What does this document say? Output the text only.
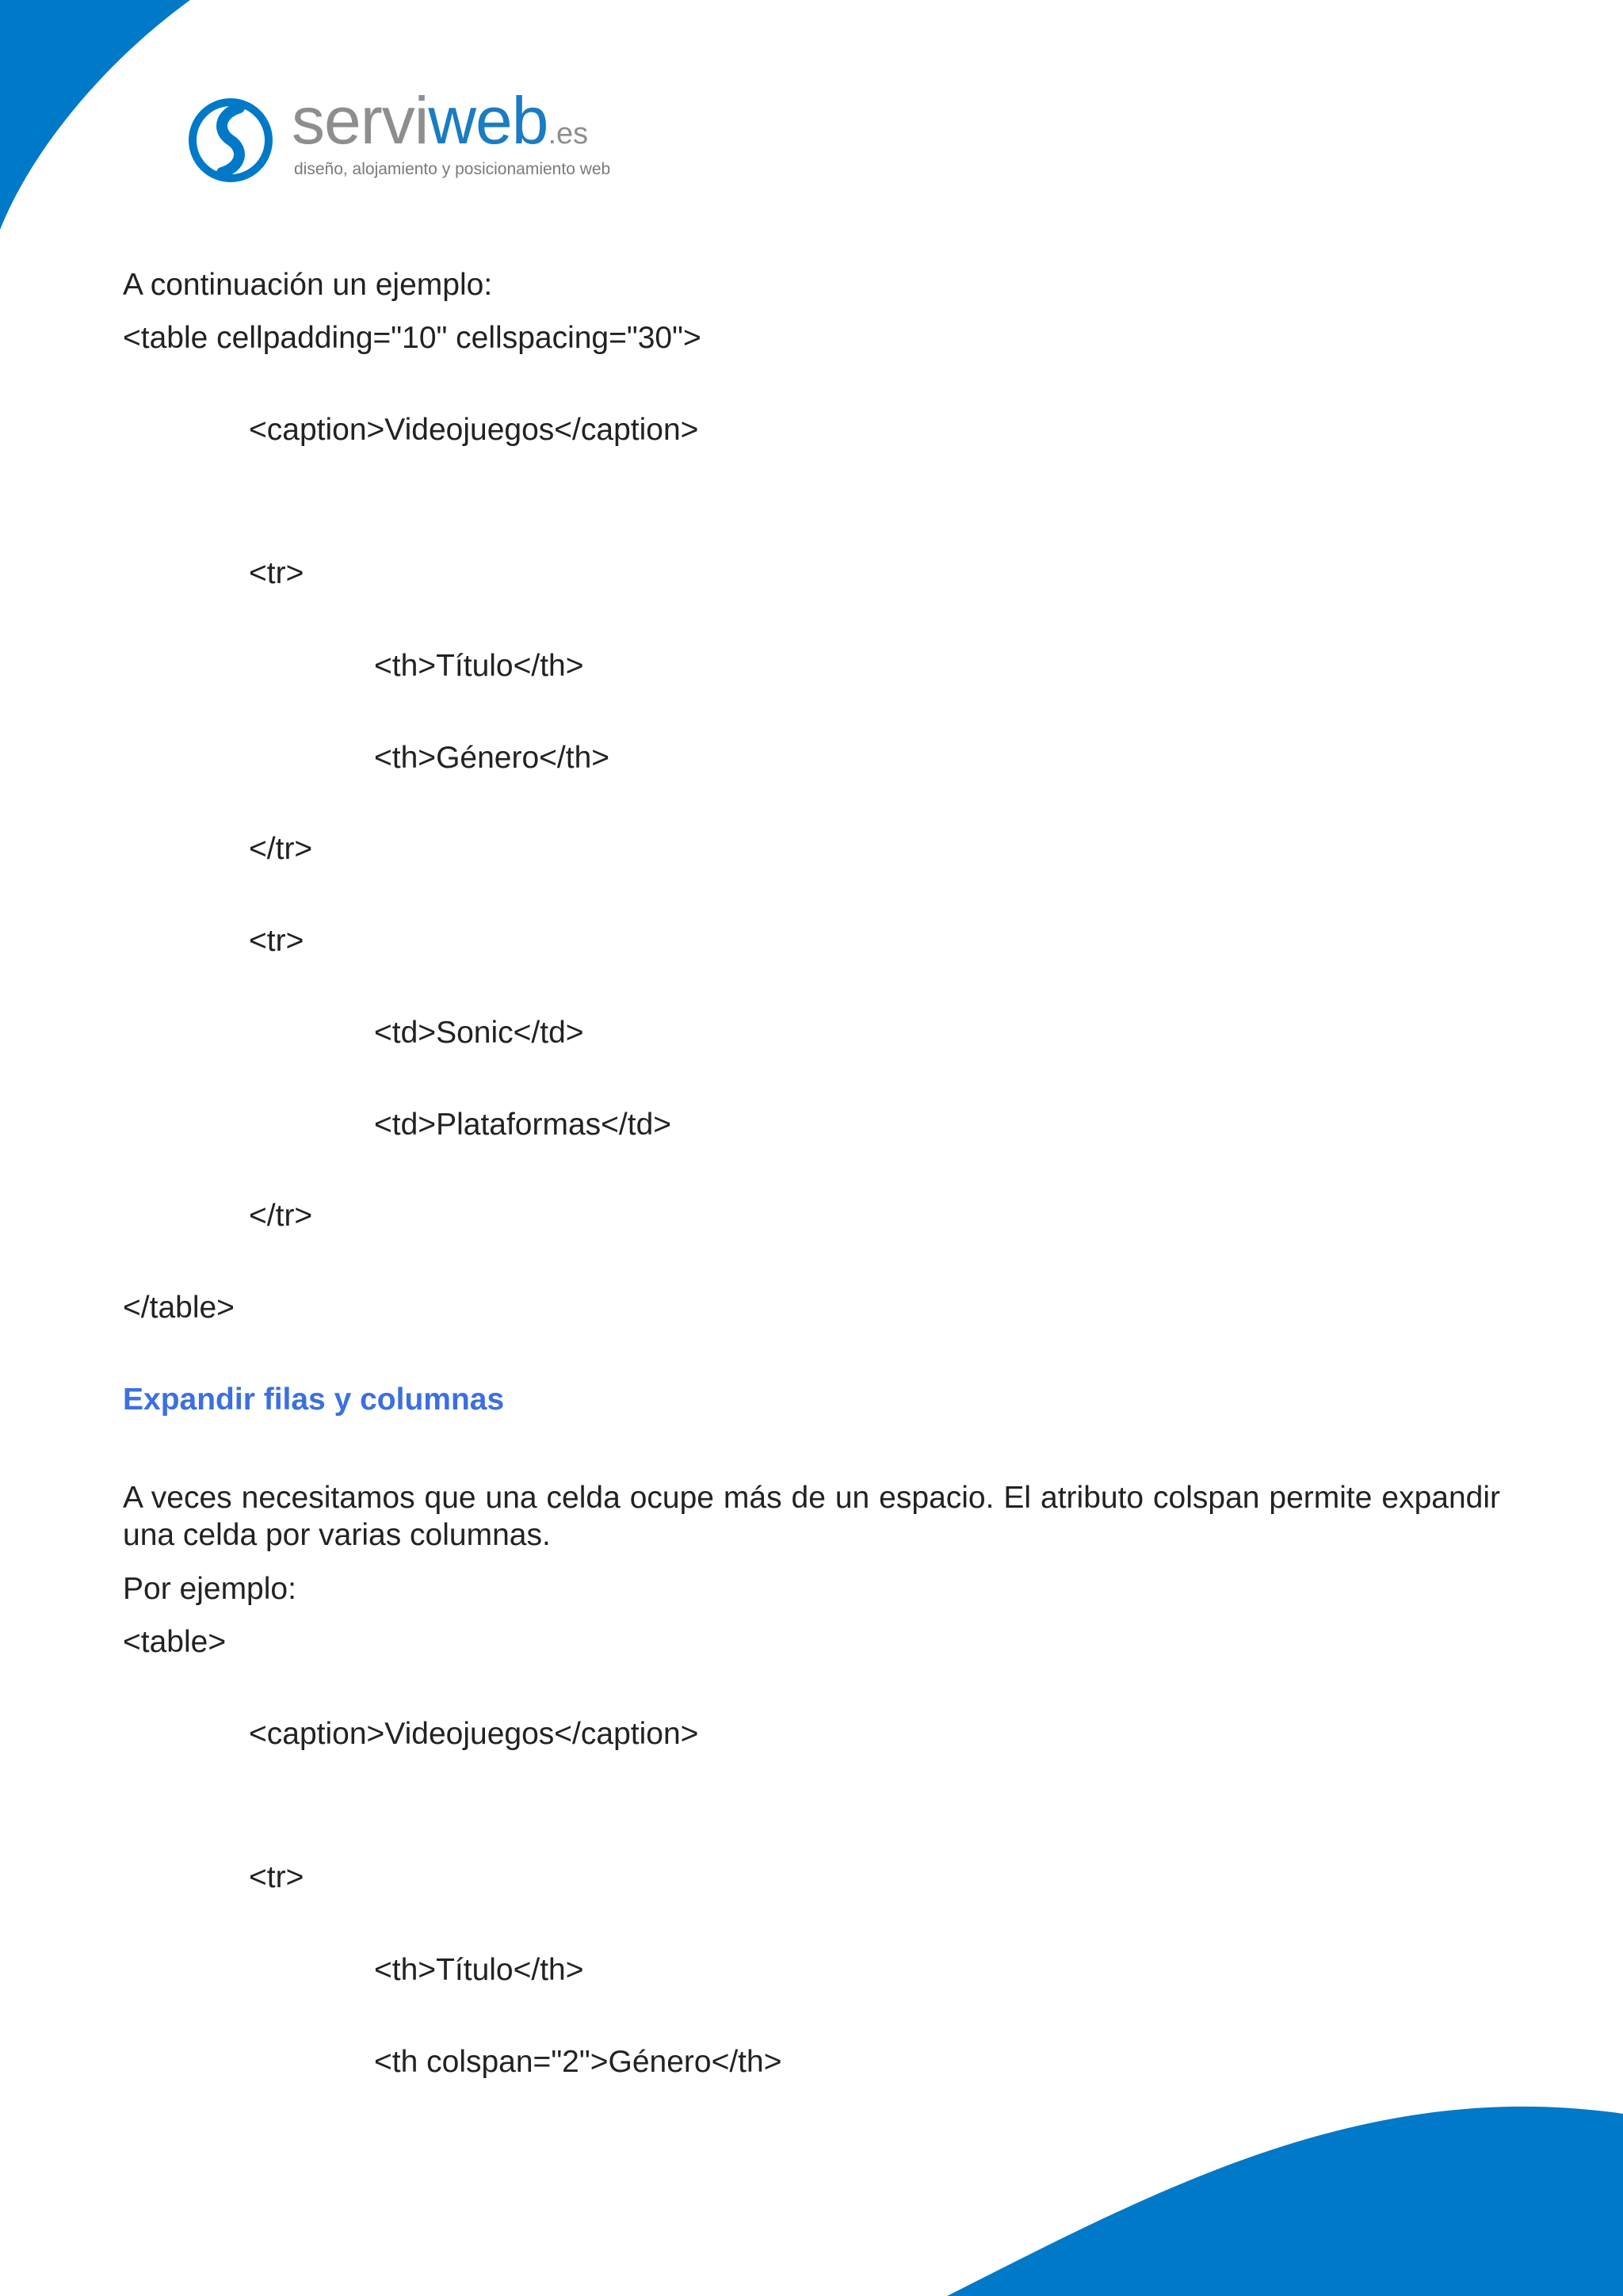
serviweb.es
diseño, alojamiento y posicionamiento web
A continuación un ejemplo:
<table cellpadding="10" cellspacing="30">
<caption>Videojuegos</caption>
<tr>
<th>Título</th>
<th>Género</th>
</tr>
<tr>
<td>Sonic</td>
<td>Plataformas</td>
</tr>
</table>
Expandir filas y columnas
A veces necesitamos que una celda ocupe más de un espacio. El atributo colspan permite expandir una celda por varias columnas.
Por ejemplo:
<table>
<caption>Videojuegos</caption>
<tr>
<th>Título</th>
<th colspan="2">Género</th>
